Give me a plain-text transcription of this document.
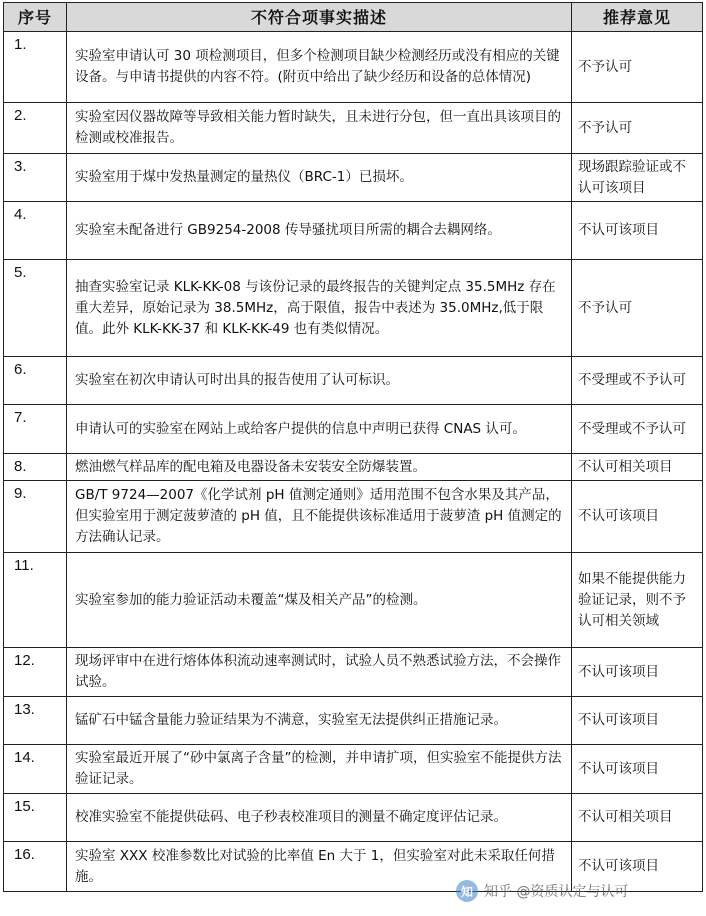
序号	不符合项事实描述	推荐意见
1.	实验室申请认可 30 项检测项目，但多个检测项目缺少检测经历或没有相应的关键设备。与申请书提供的内容不符。(附页中给出了缺少经历和设备的总体情况)	不予认可
2.	实验室因仪器故障等导致相关能力暂时缺失，且未进行分包，但一直出具该项目的检测或校准报告。	不予认可
3.	实验室用于煤中发热量测定的量热仪（BRC-1）已损坏。	现场跟踪验证或不认可该项目
4.	实验室未配备进行 GB9254-2008 传导骚扰项目所需的耦合去耦网络。	不认可该项目
5.	抽查实验室记录 KLK-KK-08 与该份记录的最终报告的关键判定点 35.5MHz 存在重大差异，原始记录为 38.5MHz，高于限值，报告中表述为 35.0MHz,低于限值。此外 KLK-KK-37 和 KLK-KK-49 也有类似情况。	不予认可
6.	实验室在初次申请认可时出具的报告使用了认可标识。	不受理或不予认可
7.	申请认可的实验室在网站上或给客户提供的信息中声明已获得 CNAS 认可。	不受理或不予认可
8.	燃油燃气样品库的配电箱及电器设备未安装安全防爆装置。	不认可相关项目
9.	GB/T 9724—2007《化学试剂 pH 值测定通则》适用范围不包含水果及其产品，但实验室用于测定菠萝渣的 pH 值，且不能提供该标准适用于菠萝渣 pH 值测定的方法确认记录。	不认可该项目
11.	实验室参加的能力验证活动未覆盖“煤及相关产品”的检测。	如果不能提供能力验证记录，则不予认可相关领域
12.	现场评审中在进行熔体体积流动速率测试时，试验人员不熟悉试验方法，不会操作试验。	不认可该项目
13.	锰矿石中锰含量能力验证结果为不满意，实验室无法提供纠正措施记录。	不认可该项目
14.	实验室最近开展了“砂中氯离子含量”的检测，并申请扩项，但实验室不能提供方法验证记录。	不认可该项目
15.	校准实验室不能提供砝码、电子秒表校准项目的测量不确定度评估记录。	不认可相关项目
16.	实验室 XXX 校准参数比对试验的比率值 En 大于 1，但实验室对此未采取任何措施。	不认可该项目
知 知乎 @资质认定与认可
